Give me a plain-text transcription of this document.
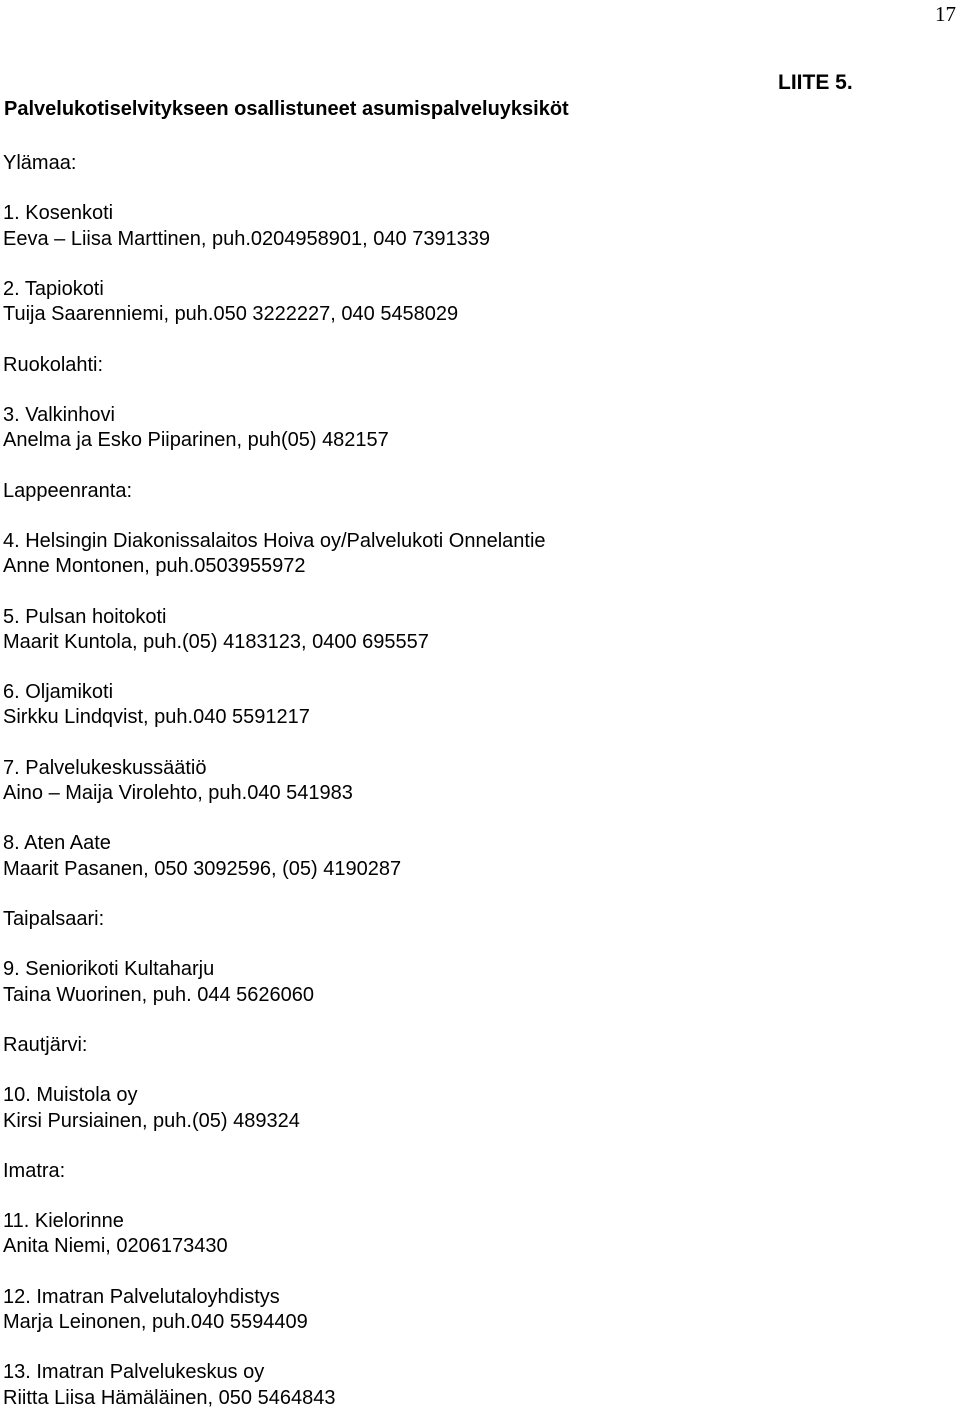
17
LIITE 5.
Palvelukotiselvitykseen osallistuneet asumispalveluyksiköt

Ylämaa:

1. Kosenkoti

Eeva – Liisa Marttinen, puh.0204958901, 040 7391339

2. Tapiokoti

Tuija Saarenniemi, puh.050 3222227, 040 5458029

Ruokolahti:

3. Valkinhovi

Anelma ja Esko Piiparinen, puh(05) 482157

Lappeenranta:

4. Helsingin Diakonissalaitos Hoiva oy/Palvelukoti Onnelantie

Anne Montonen, puh.0503955972

5. Pulsan hoitokoti

Maarit Kuntola, puh.(05) 4183123, 0400 695557

6. Oljamikoti

Sirkku Lindqvist, puh.040 5591217

7. Palvelukeskussäätiö

Aino – Maija Virolehto, puh.040 541983

8. Aten Aate

Maarit Pasanen, 050 3092596, (05) 4190287

Taipalsaari:

9. Seniorikoti Kultaharju

Taina Wuorinen, puh. 044 5626060

Rautjärvi:

10. Muistola oy

Kirsi Pursiainen, puh.(05) 489324

Imatra:

11. Kielorinne

Anita Niemi, 0206173430

12. Imatran Palvelutaloyhdistys

Marja Leinonen, puh.040 5594409

13. Imatran Palvelukeskus oy

Riitta Liisa Hämäläinen, 050 5464843
